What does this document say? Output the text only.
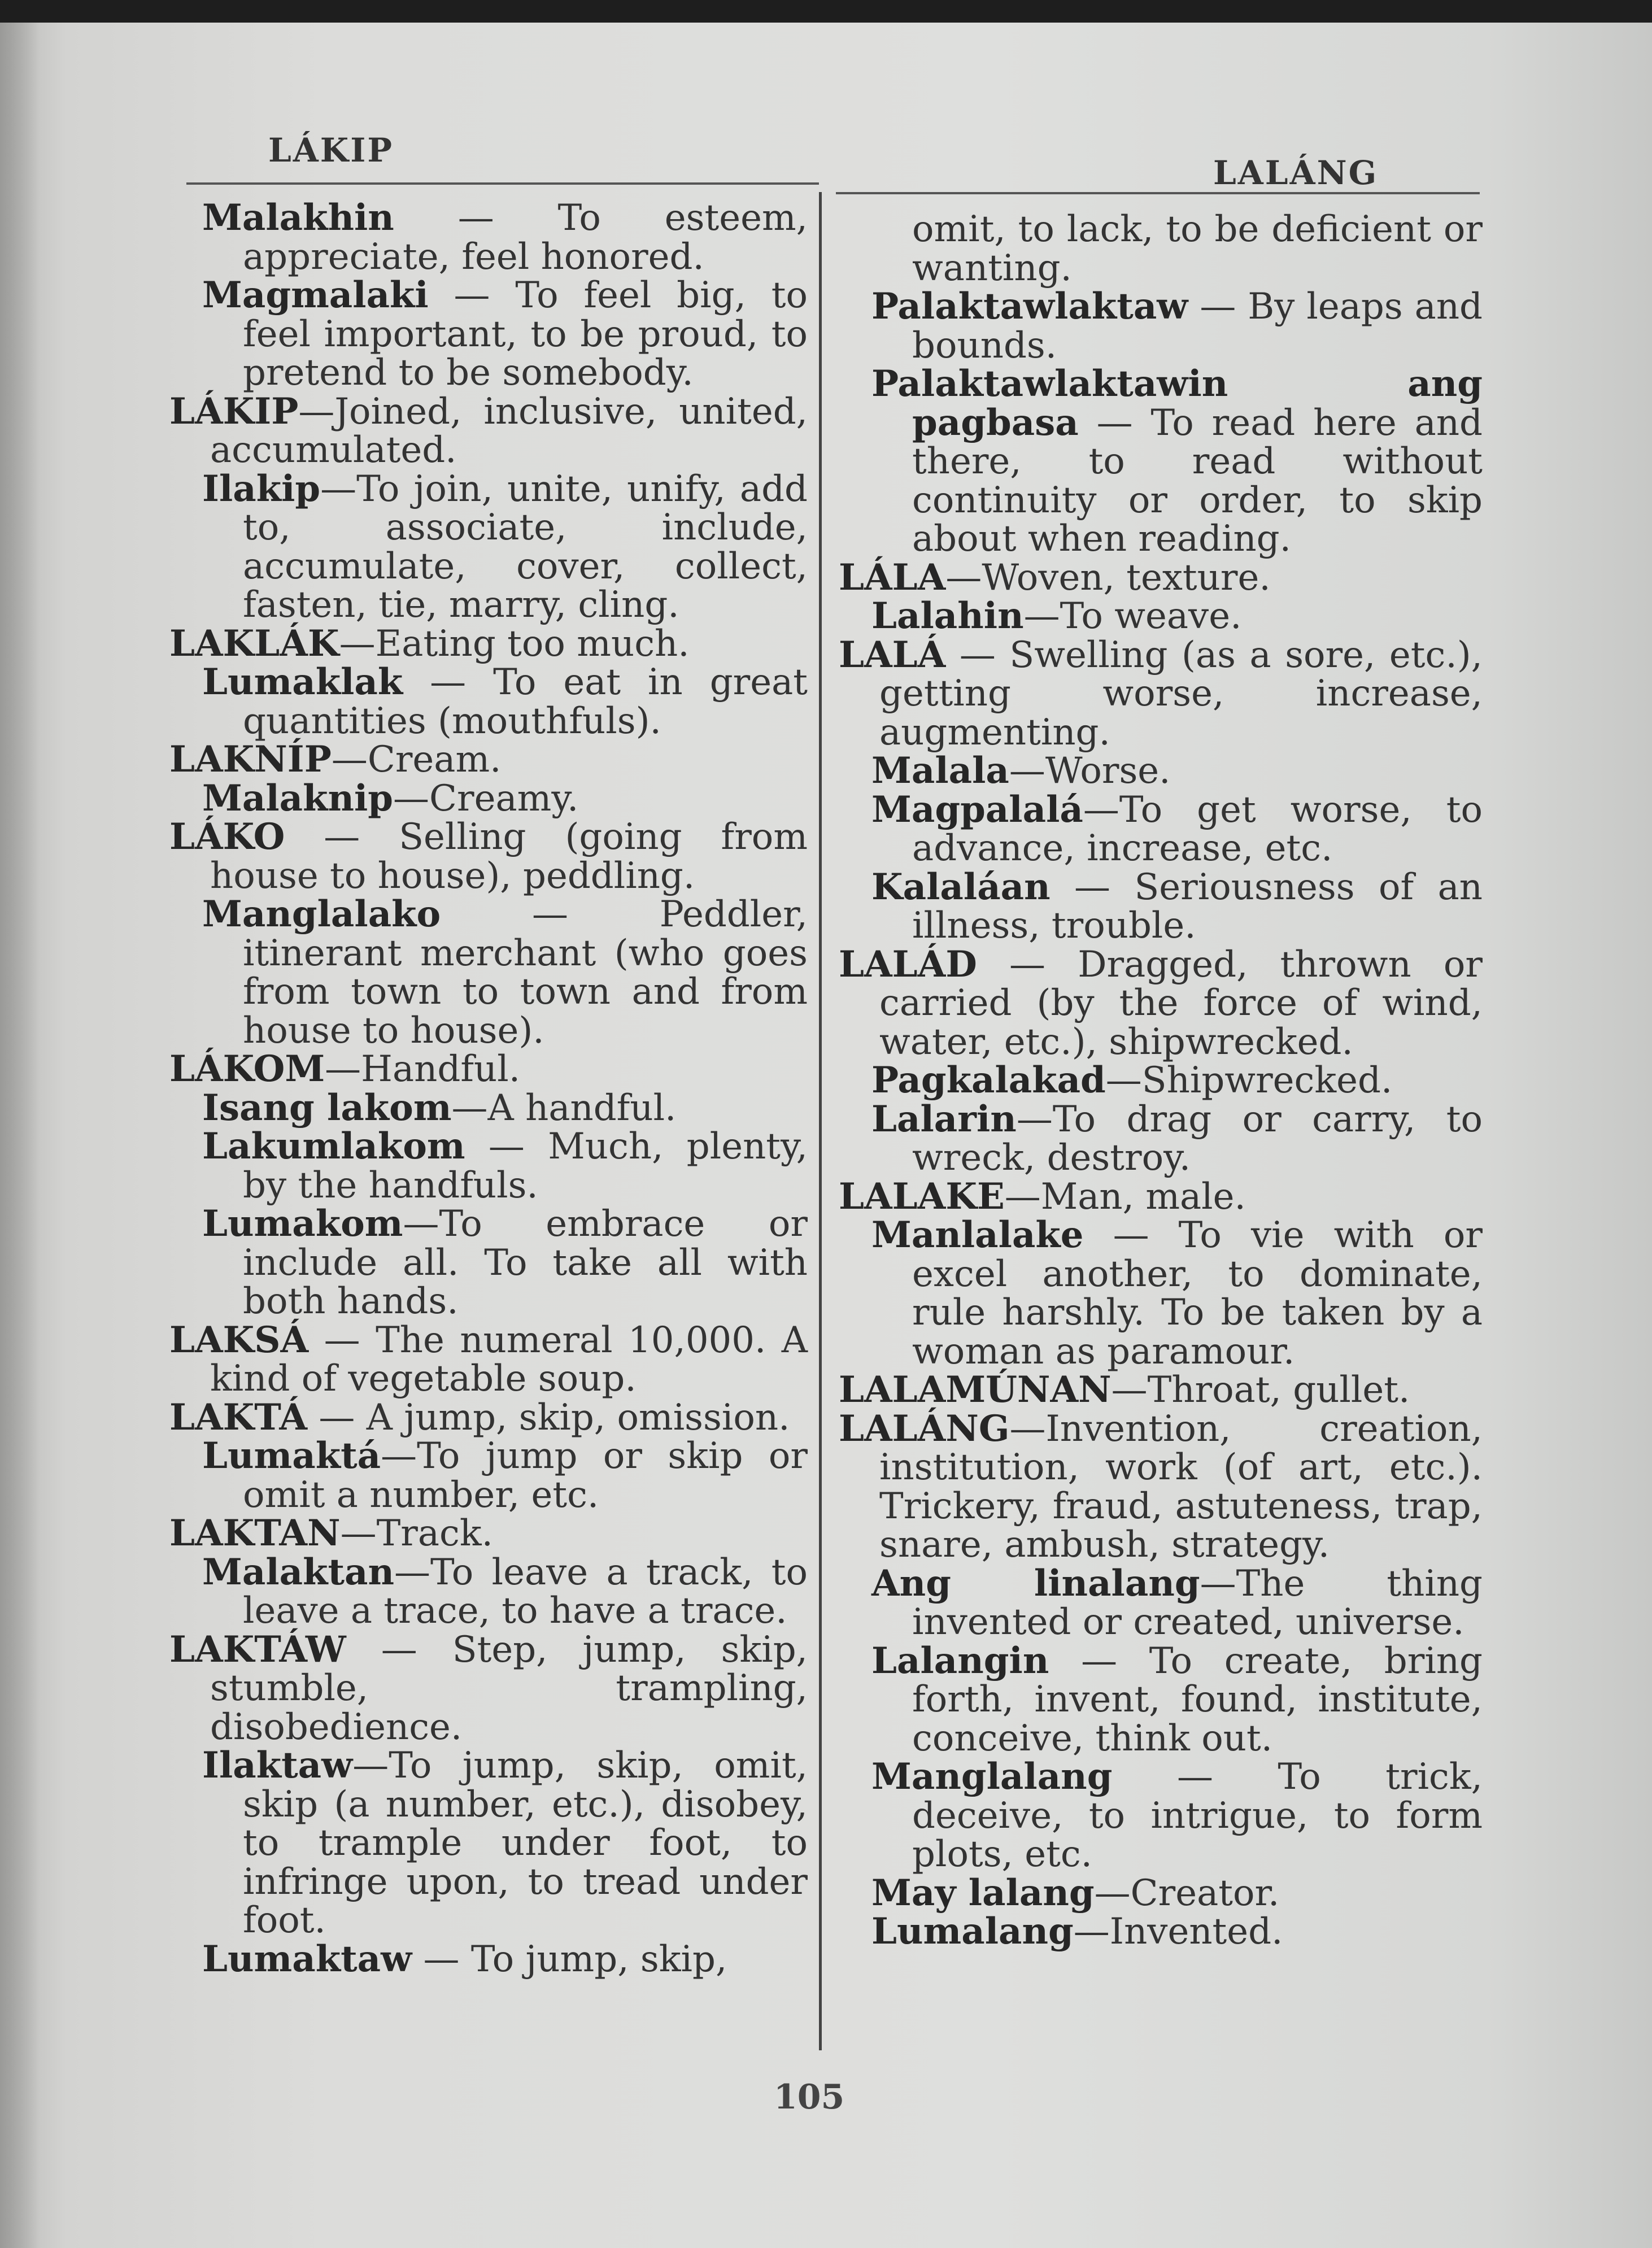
LÁKIP
LALÁNG

Malakhin — To esteem, appreciate, feel honored.

Magmalaki — To feel big, to feel important, to be proud, to pretend to be somebody.

LÁKIP—Joined, inclusive, united, accumulated.

Ilakip—To join, unite, unify, add to, associate, include, accumulate, cover, collect, fasten, tie, marry, cling.

LAKLÁK—Eating too much.

Lumaklak — To eat in great quantities (mouthfuls).

LAKNÍP—Cream.

Malaknip—Creamy.

LÁKO — Selling (going from house to house), peddling.

Manglalako — Peddler, itinerant merchant (who goes from town to town and from house to house).

LÁKOM—Handful.

Isang lakom—A handful.

Lakumlakom — Much, plenty, by the handfuls.

Lumakom—To embrace or include all. To take all with both hands.

LAKSÁ — The numeral 10,000. A kind of vegetable soup.

LAKTÁ — A jump, skip, omission.

Lumaktá—To jump or skip or omit a number, etc.

LAKTAN—Track.

Malaktan—To leave a track, to leave a trace, to have a trace.

LAKTÁW — Step, jump, skip, stumble, trampling, disobedience.

Ilaktaw—To jump, skip, omit, skip (a number, etc.), disobey, to trample under foot, to infringe upon, to tread under foot.

Lumaktaw — To jump, skip,

omit, to lack, to be deficient or wanting.

Palaktawlaktaw — By leaps and bounds.

Palaktawlaktawin ang pagbasa — To read here and there, to read without continuity or order, to skip about when reading.

LÁLA—Woven, texture.

Lalahin—To weave.

LALÁ — Swelling (as a sore, etc.), getting worse, increase, augmenting.

Malala—Worse.

Magpalalá—To get worse, to advance, increase, etc.

Kalaláan — Seriousness of an illness, trouble.

LALÁD — Dragged, thrown or carried (by the force of wind, water, etc.), shipwrecked.

Pagkalakad—Shipwrecked.

Lalarin—To drag or carry, to wreck, destroy.

LALAKE—Man, male.

Manlalake — To vie with or excel another, to dominate, rule harshly. To be taken by a woman as paramour.

LALAMÚNAN—Throat, gullet.

LALÁNG—Invention, creation, institution, work (of art, etc.). Trickery, fraud, astuteness, trap, snare, ambush, strategy.

Ang linalang—The thing invented or created, universe.

Lalangin — To create, bring forth, invent, found, institute, conceive, think out.

Manglalang — To trick, deceive, to intrigue, to form plots, etc.

May lalang—Creator.

Lumalang—Invented.

105
